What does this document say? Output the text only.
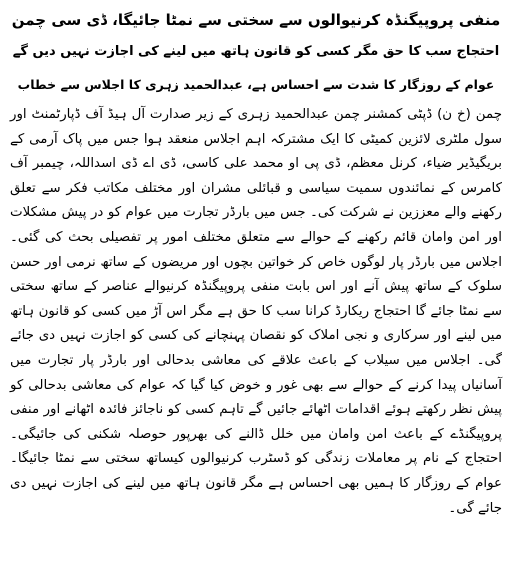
منفی پروپیگنڈہ کرنیوالوں سے سختی سے نمٹا جائیگا، ڈی سی چمن
احتجاج سب کا حق مگر کسی کو قانون ہاتھ میں لینے کی اجازت نہیں دیں گے
عوام کے روزگار کا شدت سے احساس ہے، عبدالحمید زہری کا اجلاس سے خطاب
چمن (خ ن) ڈپٹی کمشنر چمن عبدالحمید زہری کے زیر صدارت آل ہیڈ آف ڈپارٹمنٹ اور سول ملٹری لائزین کمیٹی کا ایک مشترکہ اہم اجلاس منعقد ہوا جس میں پاک آرمی کے بریگیڈیر ضیاء، کرنل معظم، ڈی پی او محمد علی کاسی، ڈی اے ڈی اسداللہ، چیمبر آف کامرس کے نمائندوں سمیت سیاسی و قبائلی مشران اور مختلف مکاتب فکر سے تعلق رکھنے والے معززین نے شرکت کی۔ جس میں بارڈر تجارت میں عوام کو در پیش مشکلات اور امن وامان قائم رکھنے کے حوالے سے متعلق مختلف امور پر تفصیلی بحث کی گئی۔ اجلاس میں بارڈر پار لوگوں خاص کر خواتین بچوں اور مریضوں کے ساتھ نرمی اور حسن سلوک کے ساتھ پیش آنے اور اس بابت منفی پروپیگنڈہ کرنیوالے عناصر کے ساتھ سختی سے نمٹا جائے گا احتجاج ریکارڈ کرانا سب کا حق ہے مگر اس آڑ میں کسی کو قانون ہاتھ میں لینے اور سرکاری و نجی املاک کو نقصان پہنچانے کی کسی کو اجازت نہیں دی جائے گی۔ اجلاس میں سیلاب کے باعث علاقے کی معاشی بدحالی اور بارڈر پار تجارت میں آسانیاں پیدا کرنے کے حوالے سے بھی غور و خوض کیا گیا کہ عوام کی معاشی بدحالی کو پیش نظر رکھتے ہوئے اقدامات اٹھائے جائیں گے تاہم کسی کو ناجائز فائدہ اٹھانے اور منفی پروپیگنڈے کے باعث امن وامان میں خلل ڈالنے کی بھرپور حوصلہ شکنی کی جائیگی۔ احتجاج کے نام پر معاملات زندگی کو ڈسٹرب کرنیوالوں کیساتھ سختی سے نمٹا جائیگا۔ عوام کے روزگار کا ہمیں بھی احساس ہے مگر قانون ہاتھ میں لینے کی اجازت نہیں دی جائے گی۔
